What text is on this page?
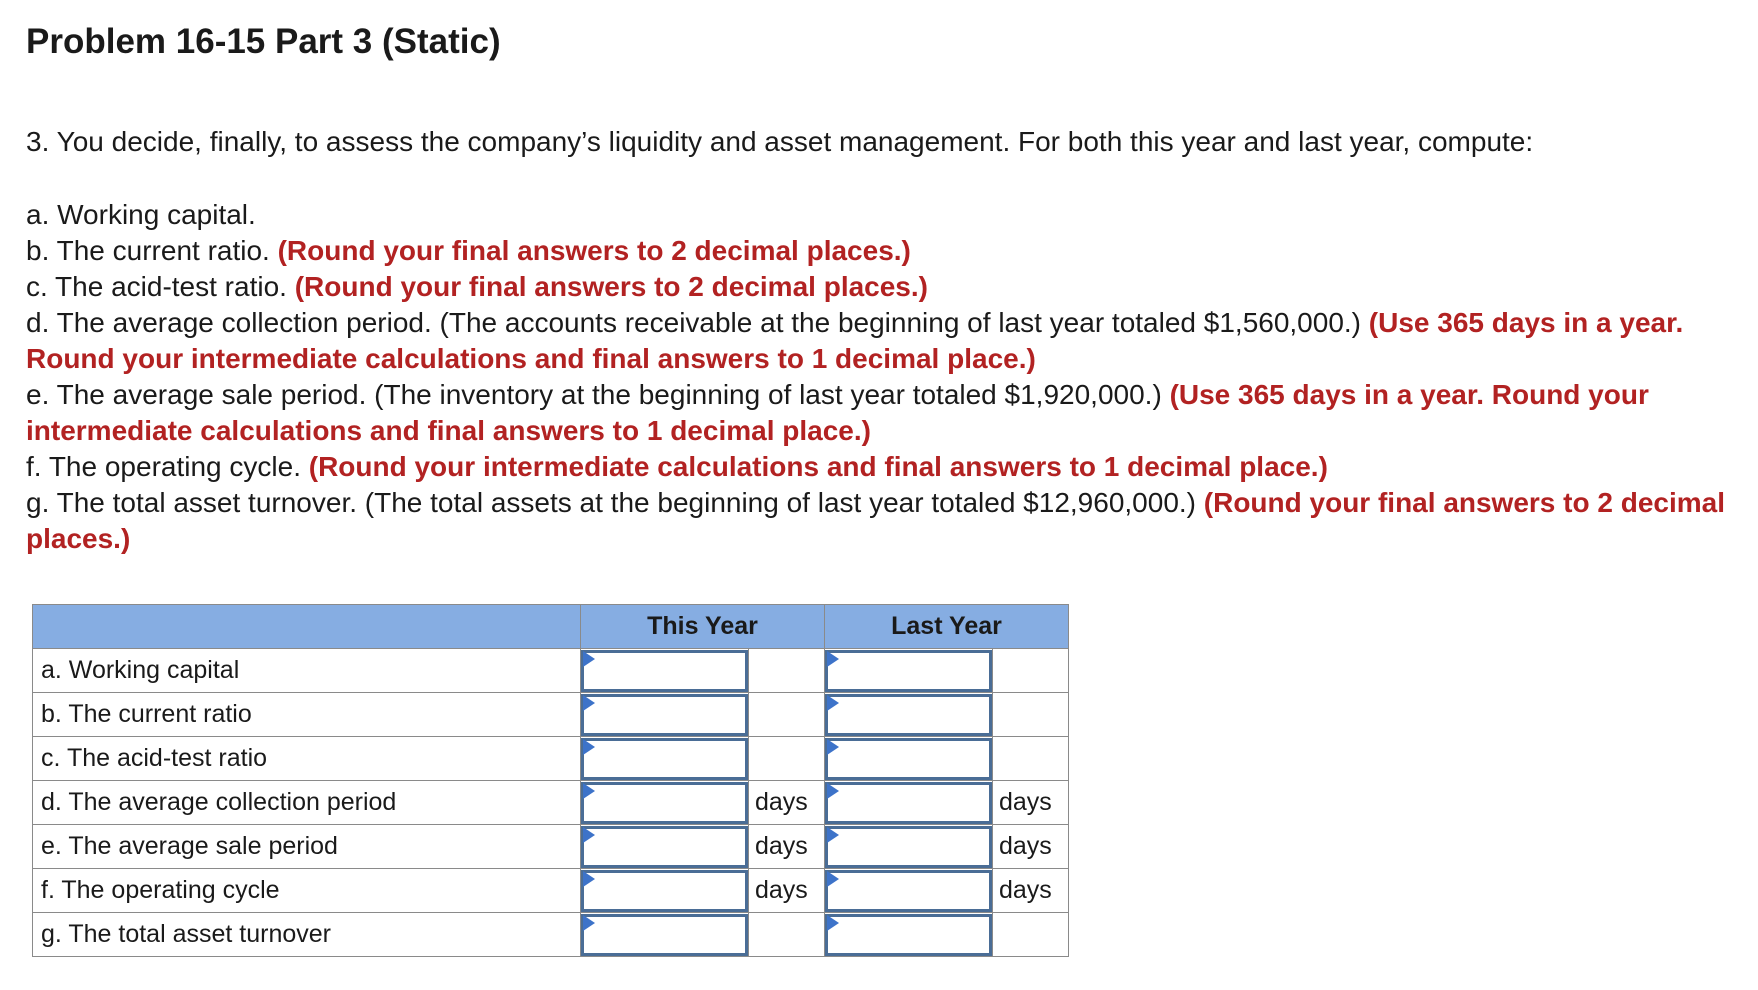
Problem 16-15 Part 3 (Static)

3. You decide, finally, to assess the company’s liquidity and asset management. For both this year and last year, compute:

a. Working capital.

b. The current ratio. (Round your final answers to 2 decimal places.)

c. The acid-test ratio. (Round your final answers to 2 decimal places.)

d. The average collection period. (The accounts receivable at the beginning of last year totaled $1,560,000.) (Use 365 days in a year. Round your intermediate calculations and final answers to 1 decimal place.)

e. The average sale period. (The inventory at the beginning of last year totaled $1,920,000.) (Use 365 days in a year. Round your intermediate calculations and final answers to 1 decimal place.)

f. The operating cycle. (Round your intermediate calculations and final answers to 1 decimal place.)

g. The total asset turnover. (The total assets at the beginning of last year totaled $12,960,000.) (Round your final answers to 2 decimal places.)

	This Year		Last Year	
a. Working capital	

b. The current ratio	

c. The acid-test ratio	

d. The average collection period		days		days
e. The average sale period		days		days
f. The operating cycle		days		days
g. The total asset turnover	
